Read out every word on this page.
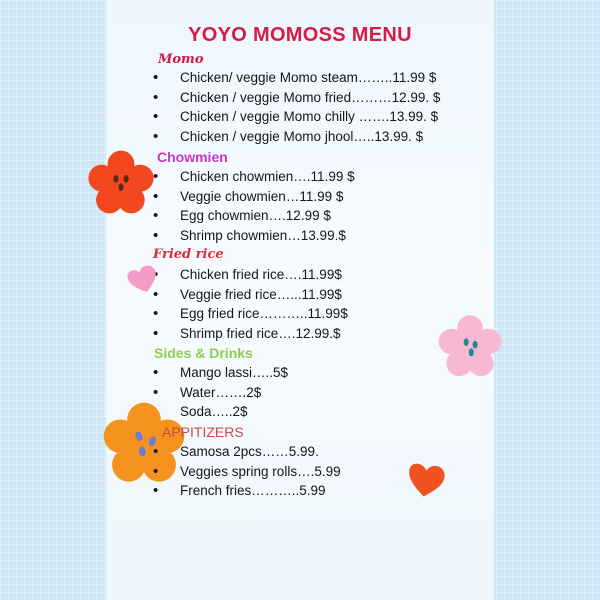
YOYO MOMOSS MENU
Momo
• Chicken/ veggie Momo steam……..11.99 $
• Chicken / veggie Momo fried………12.99. $
• Chicken / veggie Momo chilly …….13.99. $
• Chicken / veggie Momo jhool…..13.99. $
Chowmien
• Chicken chowmien….11.99 $
• Veggie chowmien…11.99 $
• Egg chowmien….12.99 $
• Shrimp chowmien…13.99.$
Fried rice
• Chicken fried rice….11.99$
• Veggie fried rice…...11.99$
• Egg fried rice………..11.99$
• Shrimp fried rice….12.99.$
Sides & Drinks
• Mango lassi…..5$
• Water…….2$
• Soda…..2$
APPITIZERS
• Samosa 2pcs……5.99.
• Veggies spring rolls….5.99
• French fries………..5.99
